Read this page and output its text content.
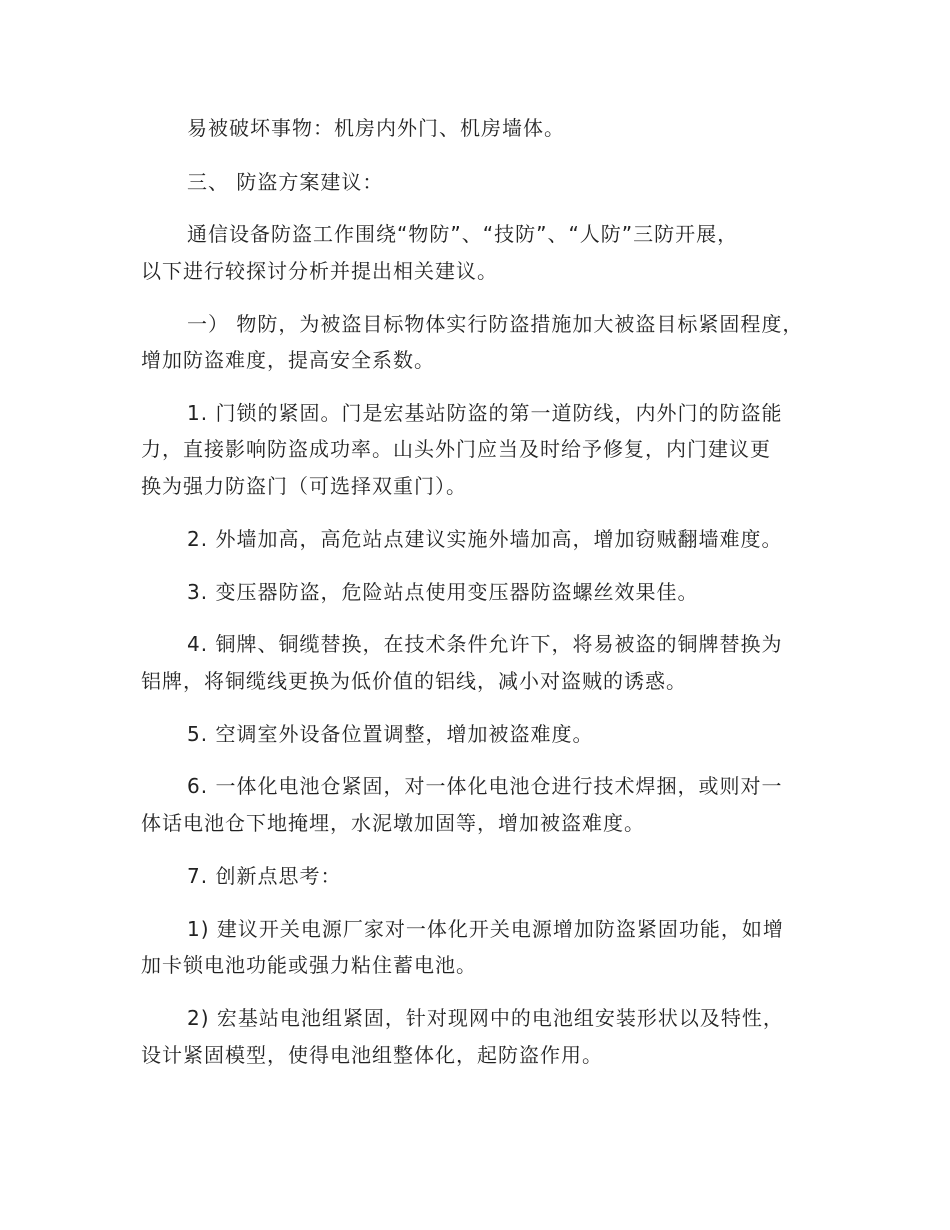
易被破坏事物：机房内外门、机房墙体。
三、 防盗方案建议：
通信设备防盗工作围绕“物防”、“技防”、“人防”三防开展，
以下进行较探讨分析并提出相关建议。
一） 物防，为被盗目标物体实行防盗措施加大被盗目标紧固程度，
增加防盗难度，提高安全系数。
1. 门锁的紧固。门是宏基站防盗的第一道防线，内外门的防盗能
力，直接影响防盗成功率。山头外门应当及时给予修复，内门建议更
换为强力防盗门（可选择双重门）。
2. 外墙加高，高危站点建议实施外墙加高，增加窃贼翻墙难度。
3. 变压器防盗，危险站点使用变压器防盗螺丝效果佳。
4. 铜牌、铜缆替换，在技术条件允许下，将易被盗的铜牌替换为
铝牌，将铜缆线更换为低价值的铝线，减小对盗贼的诱惑。
5. 空调室外设备位置调整，增加被盗难度。
6. 一体化电池仓紧固，对一体化电池仓进行技术焊捆，或则对一
体话电池仓下地掩埋，水泥墩加固等，增加被盗难度。
7. 创新点思考：
1) 建议开关电源厂家对一体化开关电源增加防盗紧固功能，如增
加卡锁电池功能或强力粘住蓄电池。
2) 宏基站电池组紧固，针对现网中的电池组安装形状以及特性，
设计紧固模型，使得电池组整体化，起防盗作用。
